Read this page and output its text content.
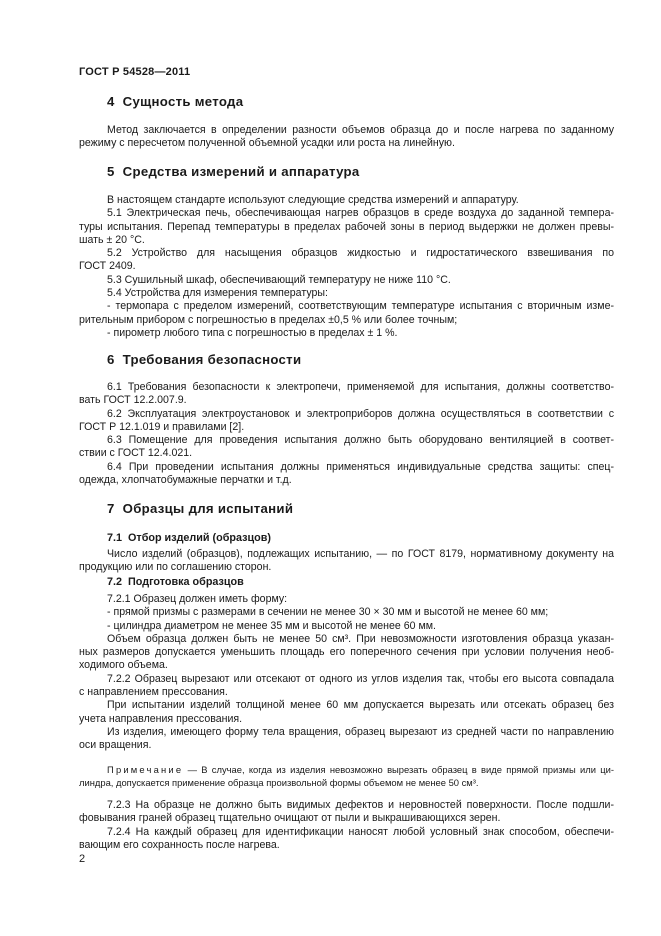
ГОСТ Р 54528—2011
4 Сущность метода
Метод заключается в определении разности объемов образца до и после нагрева по заданному
режиму с пересчетом полученной объемной усадки или роста на линейную.
5 Средства измерений и аппаратура
В настоящем стандарте используют следующие средства измерений и аппаратуру.
5.1 Электрическая печь, обеспечивающая нагрев образцов в среде воздуха до заданной темпера-
туры испытания. Перепад температуры в пределах рабочей зоны в период выдержки не должен превы-
шать ± 20 °С.
5.2 Устройство для насыщения образцов жидкостью и гидростатического взвешивания по
ГОСТ 2409.
5.3 Сушильный шкаф, обеспечивающий температуру не ниже 110 °С.
5.4 Устройства для измерения температуры:
- термопара с пределом измерений, соответствующим температуре испытания с вторичным изме-
рительным прибором с погрешностью в пределах ±0,5 % или более точным;
- пирометр любого типа с погрешностью в пределах ± 1 %.
6 Требования безопасности
6.1 Требования безопасности к электропечи, применяемой для испытания, должны соответство-
вать ГОСТ 12.2.007.9.
6.2 Эксплуатация электроустановок и электроприборов должна осуществляться в соответствии с
ГОСТ Р 12.1.019 и правилами [2].
6.3 Помещение для проведения испытания должно быть оборудовано вентиляцией в соответ-
ствии с ГОСТ 12.4.021.
6.4 При проведении испытания должны применяться индивидуальные средства защиты: спец-
одежда, хлопчатобумажные перчатки и т.д.
7 Образцы для испытаний
7.1 Отбор изделий (образцов)
Число изделий (образцов), подлежащих испытанию, — по ГОСТ 8179, нормативному документу на
продукцию или по соглашению сторон.
7.2 Подготовка образцов
7.2.1 Образец должен иметь форму:
- прямой призмы с размерами в сечении не менее 30 × 30 мм и высотой не менее 60 мм;
- цилиндра диаметром не менее 35 мм и высотой не менее 60 мм.
Объем образца должен быть не менее 50 см³. При невозможности изготовления образца указан-
ных размеров допускается уменьшить площадь его поперечного сечения при условии получения необ-
ходимого объема.
7.2.2 Образец вырезают или отсекают от одного из углов изделия так, чтобы его высота совпадала
с направлением прессования.
При испытании изделий толщиной менее 60 мм допускается вырезать или отсекать образец без
учета направления прессования.
Из изделия, имеющего форму тела вращения, образец вырезают из средней части по направлению
оси вращения.
Примечание — В случае, когда из изделия невозможно вырезать образец в виде прямой призмы или ци-
линдра, допускается применение образца произвольной формы объемом не менее 50 см³.
7.2.3 На образце не должно быть видимых дефектов и неровностей поверхности. После подшли-
фовывания граней образец тщательно очищают от пыли и выкрашивающихся зерен.
7.2.4 На каждый образец для идентификации наносят любой условный знак способом, обеспечи-
вающим его сохранность после нагрева.
2
